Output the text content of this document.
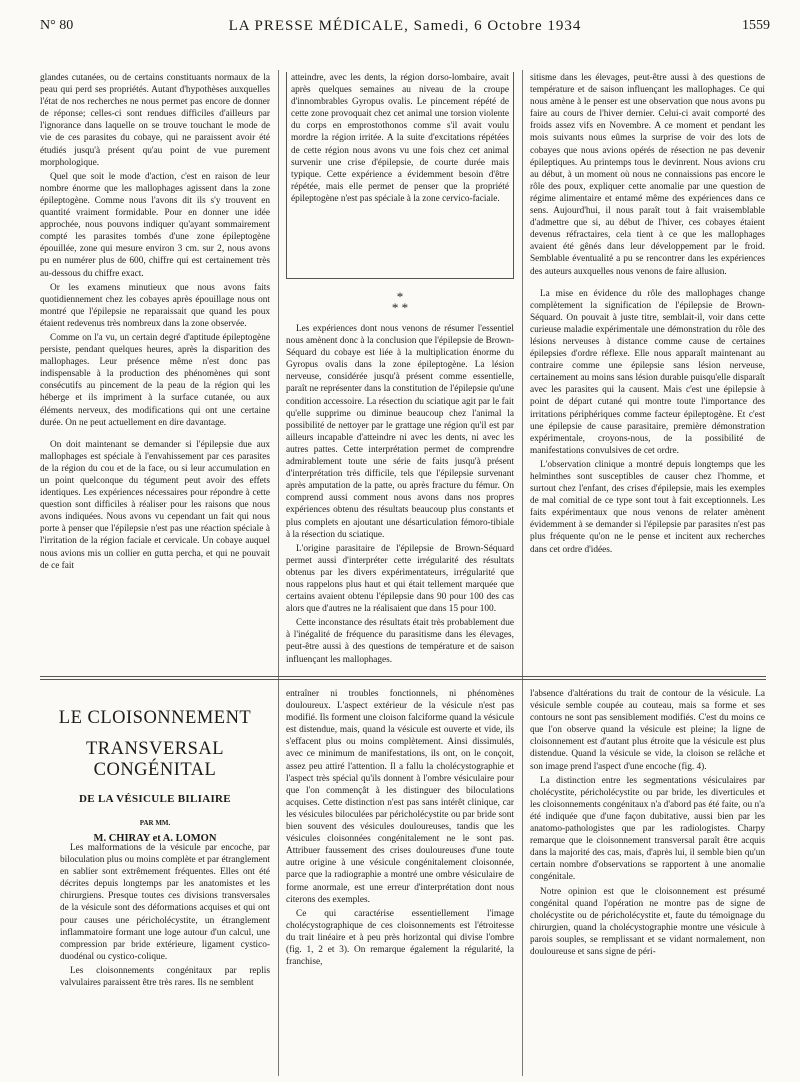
N° 80	LA PRESSE MÉDICALE, Samedi, 6 Octobre 1934	1559

glandes cutanées, ou de certains constituants normaux de la peau qui perd ses propriétés. Autant d'hypothèses auxquelles l'état de nos recherches ne nous permet pas encore de donner de réponse; celles-ci sont rendues difficiles d'ailleurs par l'ignorance dans laquelle on se trouve touchant le mode de vie de ces parasites du cobaye, qui ne paraissent avoir été étudiés jusqu'à présent qu'au point de vue purement morphologique.

Quel que soit le mode d'action, c'est en raison de leur nombre énorme que les mallophages agissent dans la zone épileptogène. Comme nous l'avons dit ils s'y trouvent en quantité vraiment formidable. Pour en donner une idée approchée, nous pouvons indiquer qu'ayant sommairement compté les parasites tombés d'une zone épileptogène épouillée, zone qui mesure environ 3 cm. sur 2, nous avons pu en numérer plus de 600, chiffre qui est certainement très au-dessous du chiffre exact.

Or les examens minutieux que nous avons faits quotidiennement chez les cobayes après épouillage nous ont montré que l'épilepsie ne reparaissait que quand les poux étaient redevenus très nombreux dans la zone observée.

Comme on l'a vu, un certain degré d'aptitude épileptogène persiste, pendant quelques heures, après la disparition des mallophages. Leur présence même n'est donc pas indispensable à la production des phénomènes qui sont consécutifs au pincement de la peau de la région qui les héberge et ils impriment à la surface cutanée, ou aux éléments nerveux, des modifications qui ont une certaine durée. On ne peut actuellement en dire davantage.

On doit maintenant se demander si l'épilepsie due aux mallophages est spéciale à l'envahissement par ces parasites de la région du cou et de la face, ou si leur accumulation en un point quelconque du tégument peut avoir des effets identiques. Les expériences nécessaires pour répondre à cette question sont difficiles à réaliser pour les raisons que nous avons indiquées. Nous avons vu cependant un fait qui nous porte à penser que l'épilepsie n'est pas une réaction spéciale à l'irritation de la région faciale et cervicale. Un cobaye auquel nous avions mis un collier en gutta percha, et qui ne pouvait de ce fait

atteindre, avec les dents, la région dorso-lombaire, avait après quelques semaines au niveau de la croupe d'innombrables Gyropus ovalis. Le pincement répété de cette zone provoquait chez cet animal une torsion violente du corps en emprostothonos comme s'il avait voulu mordre la région irritée. A la suite d'excitations répétées de cette région nous avons vu une fois chez cet animal survenir une crise d'épilepsie, de courte durée mais typique. Cette expérience a évidemment besoin d'être répétée, mais elle permet de penser que la propriété épileptogène n'est pas spéciale à la zone cervico-faciale.

*
* *

Les expériences dont nous venons de résumer l'essentiel nous amènent donc à la conclusion que l'épilepsie de Brown-Séquard du cobaye est liée à la multiplication énorme du Gyropus ovalis dans la zone épileptogène. La lésion nerveuse, considérée jusqu'à présent comme essentielle, paraît ne représenter dans la constitution de l'épilepsie qu'une condition accessoire. La résection du sciatique agit par le fait qu'elle supprime ou diminue beaucoup chez l'animal la possibilité de nettoyer par le grattage une région qu'il est par ailleurs incapable d'atteindre ni avec les dents, ni avec les autres pattes. Cette interprétation permet de comprendre admirablement toute une série de faits jusqu'à présent d'interprétation très difficile, tels que l'épilepsie survenant après amputation de la patte, ou après fracture du fémur. On comprend aussi comment nous avons dans nos propres expériences obtenu des résultats beaucoup plus constants et plus complets en ajoutant une désarticulation fémoro-tibiale à la résection du sciatique.

L'origine parasitaire de l'épilepsie de Brown-Séquard permet aussi d'interpréter cette irrégularité des résultats obtenus par les divers expérimentateurs, irrégularité que nous rappelons plus haut et qui était tellement marquée que certains avaient obtenu l'épilepsie dans 90 pour 100 des cas alors que d'autres ne la réalisaient que dans 15 pour 100.

Cette inconstance des résultats était très probablement due à l'inégalité de fréquence du parasitisme dans les élevages, peut-être aussi à des questions de température et de saison influençant les mallophages.

sitisme dans les élevages, peut-être aussi à des questions de température et de saison influençant les mallophages. Ce qui nous amène à le penser est une observation que nous avons pu faire au cours de l'hiver dernier. Celui-ci avait comporté des froids assez vifs en Novembre. A ce moment et pendant les mois suivants nous eûmes la surprise de voir des lots de cobayes que nous avions opérés de résection ne pas devenir épileptiques. Au printemps tous le devinrent. Nous avions cru au début, à un moment où nous ne connaissions pas encore le rôle des poux, expliquer cette anomalie par une question de régime alimentaire et entamé même des expériences dans ce sens. Aujourd'hui, il nous paraît tout à fait vraisemblable d'admettre que si, au début de l'hiver, ces cobayes étaient devenus réfractaires, cela tient à ce que les mallophages avaient été gênés dans leur développement par le froid. Semblable éventualité a pu se rencontrer dans les expériences des auteurs auxquelles nous venons de faire allusion.

La mise en évidence du rôle des mallophages change complètement la signification de l'épilepsie de Brown-Séquard. On pouvait à juste titre, semblait-il, voir dans cette curieuse maladie expérimentale une démonstration du rôle des lésions nerveuses à distance comme cause de certaines épilepsies d'ordre réflexe. Elle nous apparaît maintenant au contraire comme une épilepsie sans lésion nerveuse, certainement au moins sans lésion durable puisqu'elle disparaît avec les parasites qui la causent. Mais c'est une épilepsie à point de départ cutané qui montre toute l'importance des irritations périphériques comme facteur épileptogène. Et c'est une épilepsie de cause parasitaire, première démonstration expérimentale, croyons-nous, de la possibilité de manifestations convulsives de cet ordre.

L'observation clinique a montré depuis longtemps que les helminthes sont susceptibles de causer chez l'homme, et surtout chez l'enfant, des crises d'épilepsie, mais les exemples de mal comitial de ce type sont tout à fait exceptionnels. Les faits expérimentaux que nous venons de relater amènent évidemment à se demander si l'épilepsie par parasites n'est pas plus fréquente qu'on ne le pense et incitent aux recherches dans cet ordre d'idées.

LE CLOISONNEMENT
TRANSVERSAL CONGÉNITAL
DE LA VÉSICULE BILIAIRE
PAR MM.
M. CHIRAY et A. LOMON

Les malformations de la vésicule par encoche, par biloculation plus ou moins complète et par étranglement en sablier sont extrêmement fréquentes. Elles ont été décrites depuis longtemps par les anatomistes et les chirurgiens. Presque toutes ces divisions transversales de la vésicule sont des déformations acquises et qui ont pour causes une péricholécystite, un étranglement inflammatoire formant une loge autour d'un calcul, une compression par bride extérieure, ligament cystico-duodénal ou cystico-colique.

Les cloisonnements congénitaux par replis valvulaires paraissent être très rares. Ils ne semblent

entraîner ni troubles fonctionnels, ni phénomènes douloureux. L'aspect extérieur de la vésicule n'est pas modifié. Ils forment une cloison falciforme quand la vésicule est distendue, mais, quand la vésicule est ouverte et vide, ils s'effacent plus ou moins complètement. Ainsi dissimulés, avec ce minimum de manifestations, ils ont, on le conçoit, assez peu attiré l'attention. Il a fallu la cholécystographie et l'aspect très spécial qu'ils donnent à l'ombre vésiculaire pour que l'on commençât à les distinguer des biloculations acquises. Cette distinction n'est pas sans intérêt clinique, car les vésicules biloculées par péricholécystite ou par bride sont bien souvent des vésicules douloureuses, tandis que les vésicules cloisonnées congénitalement ne le sont pas. Attribuer faussement des crises douloureuses d'une toute autre origine à une vésicule congénitalement cloisonnée, parce que la radiographie a montré une ombre vésiculaire de forme anormale, est une erreur d'interprétation dont nous citerons des exemples.

Ce qui caractérise essentiellement l'image cholécystographique de ces cloisonnements est l'étroitesse du trait linéaire et à peu près horizontal qui divise l'ombre (fig. 1, 2 et 3). On remarque également la régularité, la franchise,

l'absence d'altérations du trait de contour de la vésicule. La vésicule semble coupée au couteau, mais sa forme et ses contours ne sont pas sensiblement modifiés. C'est du moins ce que l'on observe quand la vésicule est pleine; la ligne de cloisonnement est d'autant plus étroite que la vésicule est plus distendue. Quand la vésicule se vide, la cloison se relâche et son image prend l'aspect d'une encoche (fig. 4).

La distinction entre les segmentations vésiculaires par cholécystite, péricholécystite ou par bride, les diverticules et les cloisonnements congénitaux n'a d'abord pas été faite, ou n'a été indiquée que d'une façon dubitative, aussi bien par les anatomo-pathologistes que par les radiologistes. Charpy remarque que le cloisonnement transversal paraît être acquis dans la majorité des cas, mais, d'après lui, il semble bien qu'un certain nombre d'observations se rapportent à une anomalie congénitale.

Notre opinion est que le cloisonnement est présumé congénital quand l'opération ne montre pas de signe de cholécystite ou de péricholécystite et, faute du témoignage du chirurgien, quand la cholécystographie montre une vésicule à parois souples, se remplissant et se vidant normalement, non douloureuse et sans signe de péri-
